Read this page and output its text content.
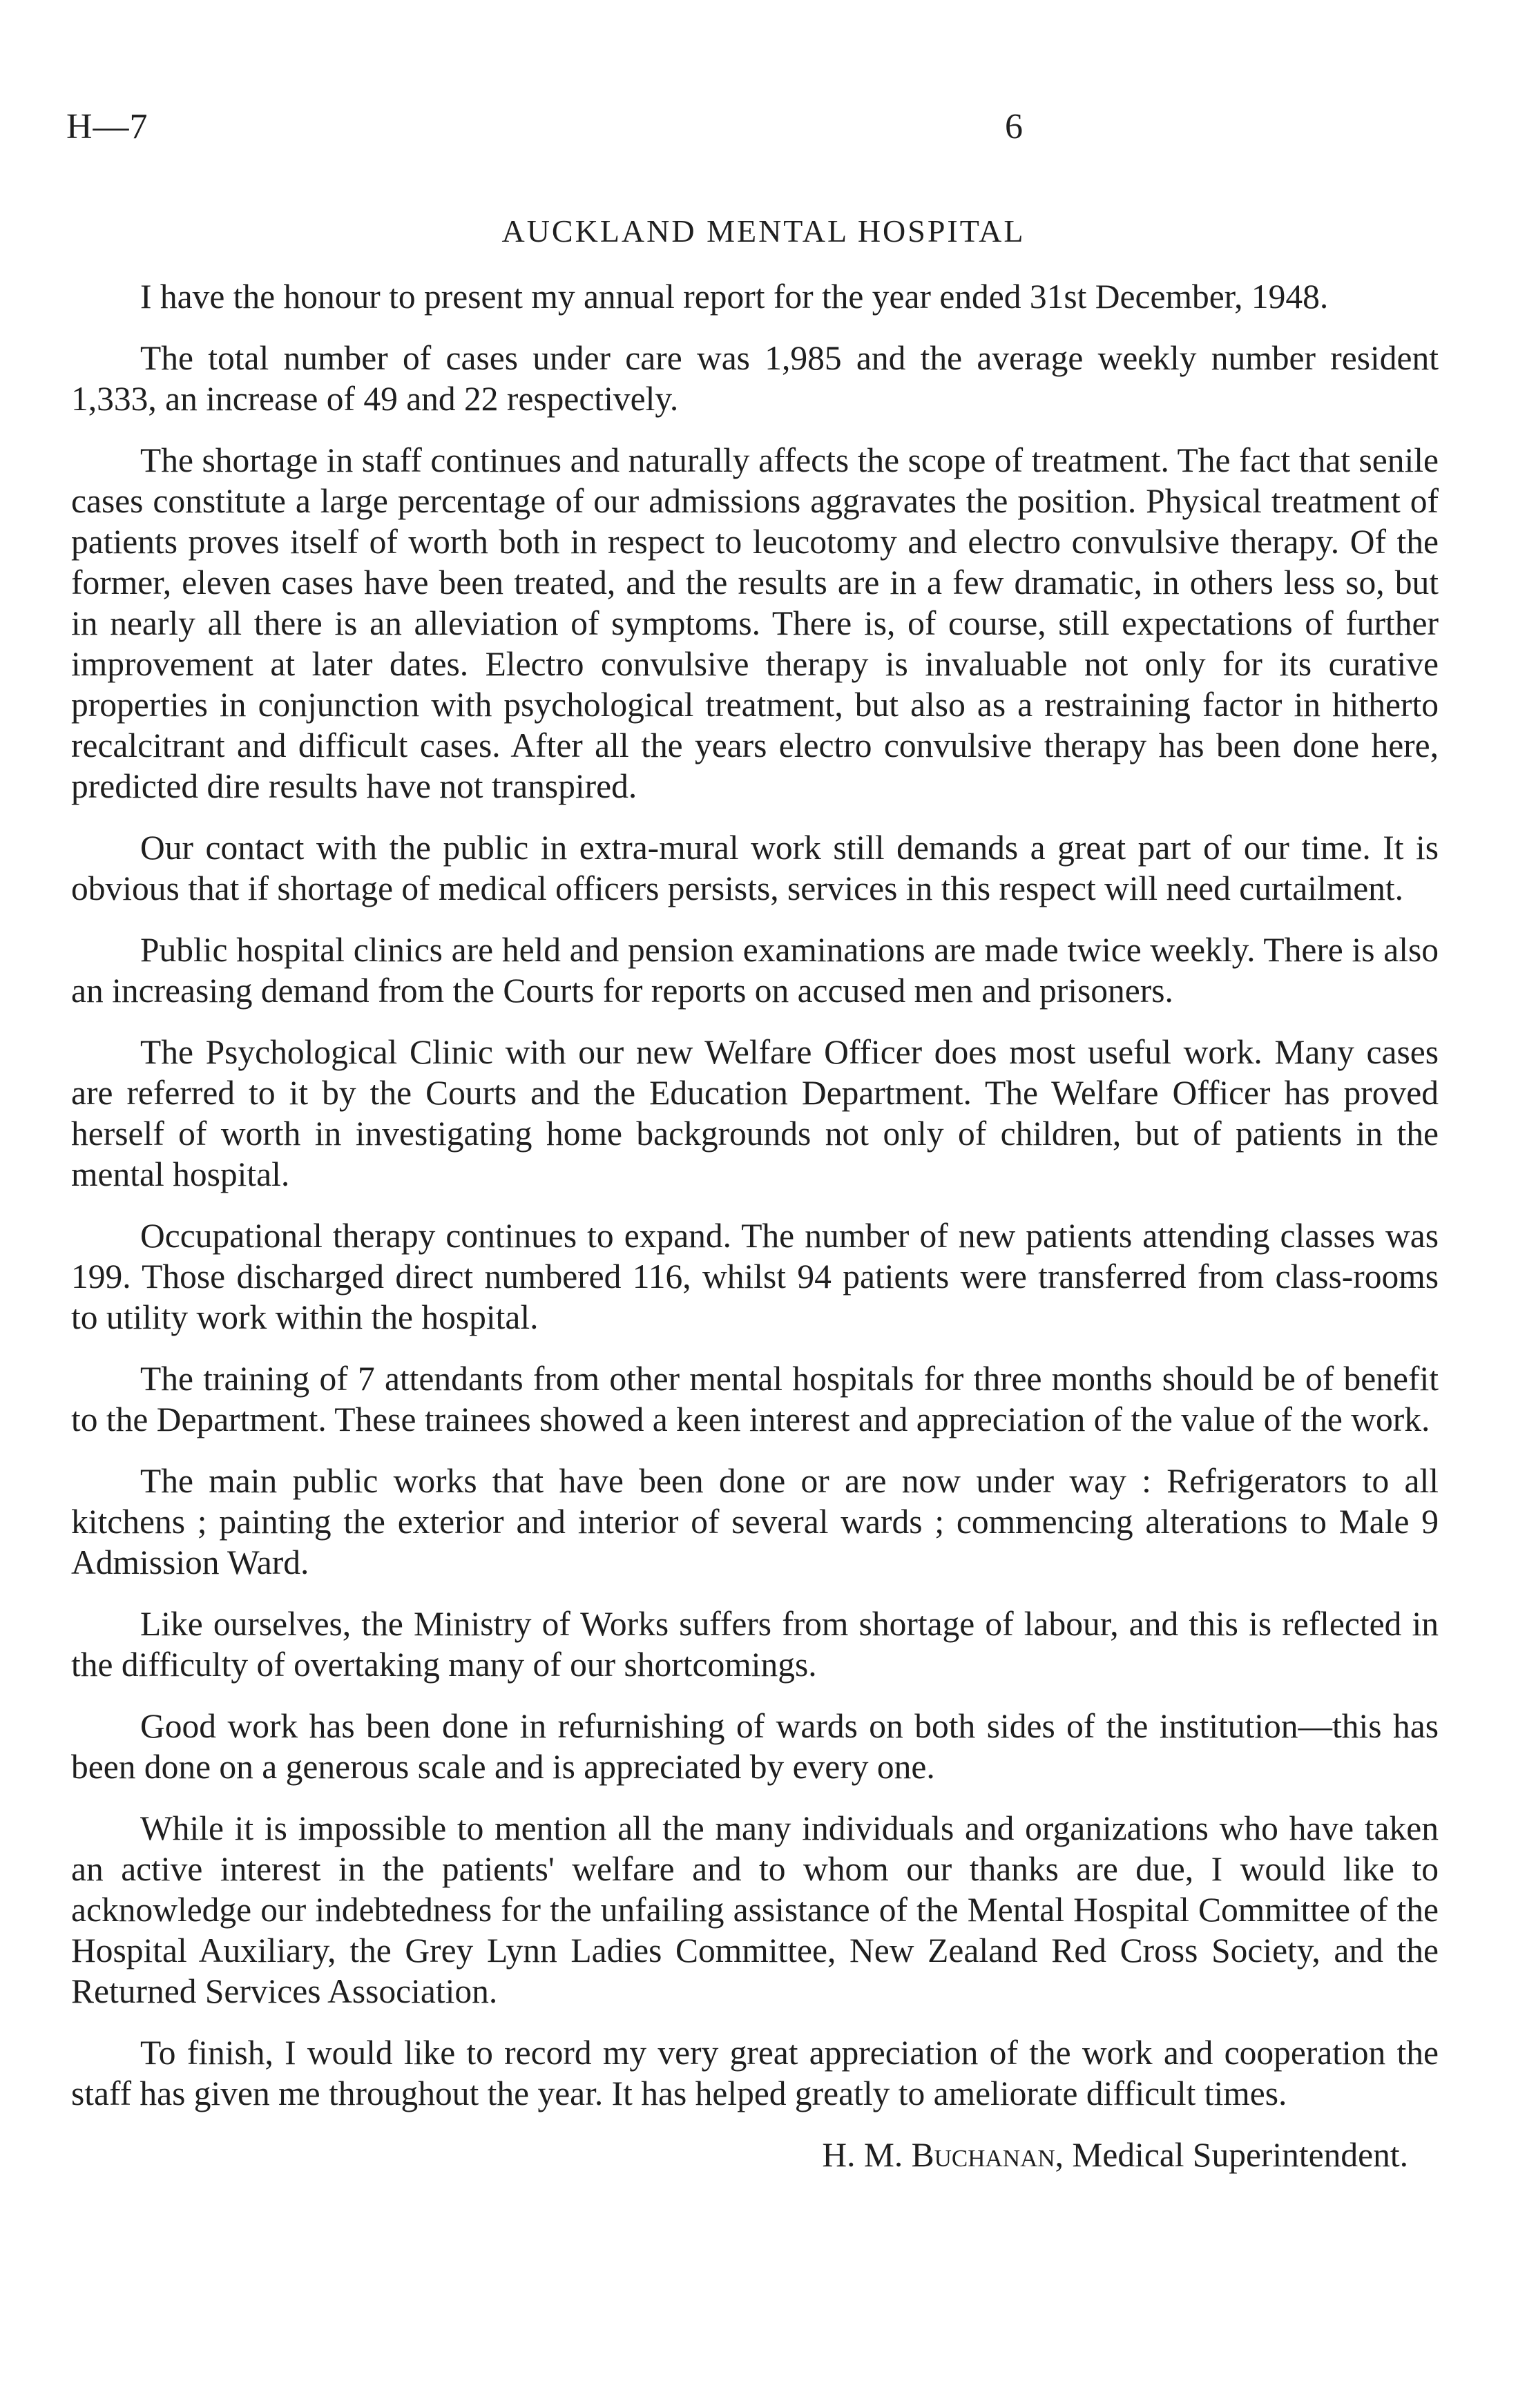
H—7	6
AUCKLAND MENTAL HOSPITAL

I have the honour to present my annual report for the year ended 31st December, 1948.

The total number of cases under care was 1,985 and the average weekly number resident 1,333, an increase of 49 and 22 respectively.

The shortage in staff continues and naturally affects the scope of treatment. The fact that senile cases constitute a large percentage of our admissions aggravates the position. Physical treatment of patients proves itself of worth both in respect to leucotomy and electro convulsive therapy. Of the former, eleven cases have been treated, and the results are in a few dramatic, in others less so, but in nearly all there is an alleviation of symptoms. There is, of course, still expectations of further improvement at later dates. Electro convulsive therapy is invaluable not only for its curative properties in conjunction with psychological treatment, but also as a restraining factor in hitherto recalcitrant and difficult cases. After all the years electro convulsive therapy has been done here, predicted dire results have not transpired.

Our contact with the public in extra-mural work still demands a great part of our time. It is obvious that if shortage of medical officers persists, services in this respect will need curtailment.

Public hospital clinics are held and pension examinations are made twice weekly. There is also an increasing demand from the Courts for reports on accused men and prisoners.

The Psychological Clinic with our new Welfare Officer does most useful work. Many cases are referred to it by the Courts and the Education Department. The Welfare Officer has proved herself of worth in investigating home backgrounds not only of children, but of patients in the mental hospital.

Occupational therapy continues to expand. The number of new patients attending classes was 199. Those discharged direct numbered 116, whilst 94 patients were transferred from class-rooms to utility work within the hospital.

The training of 7 attendants from other mental hospitals for three months should be of benefit to the Department. These trainees showed a keen interest and appreciation of the value of the work.

The main public works that have been done or are now under way : Refrigerators to all kitchens ; painting the exterior and interior of several wards ; commencing alterations to Male 9 Admission Ward.

Like ourselves, the Ministry of Works suffers from shortage of labour, and this is reflected in the difficulty of overtaking many of our shortcomings.

Good work has been done in refurnishing of wards on both sides of the institution—this has been done on a generous scale and is appreciated by every one.

While it is impossible to mention all the many individuals and organizations who have taken an active interest in the patients' welfare and to whom our thanks are due, I would like to acknowledge our indebtedness for the unfailing assistance of the Mental Hospital Committee of the Hospital Auxiliary, the Grey Lynn Ladies Committee, New Zealand Red Cross Society, and the Returned Services Association.

To finish, I would like to record my very great appreciation of the work and cooperation the staff has given me throughout the year. It has helped greatly to ameliorate difficult times.

H. M. Buchanan, Medical Superintendent.
